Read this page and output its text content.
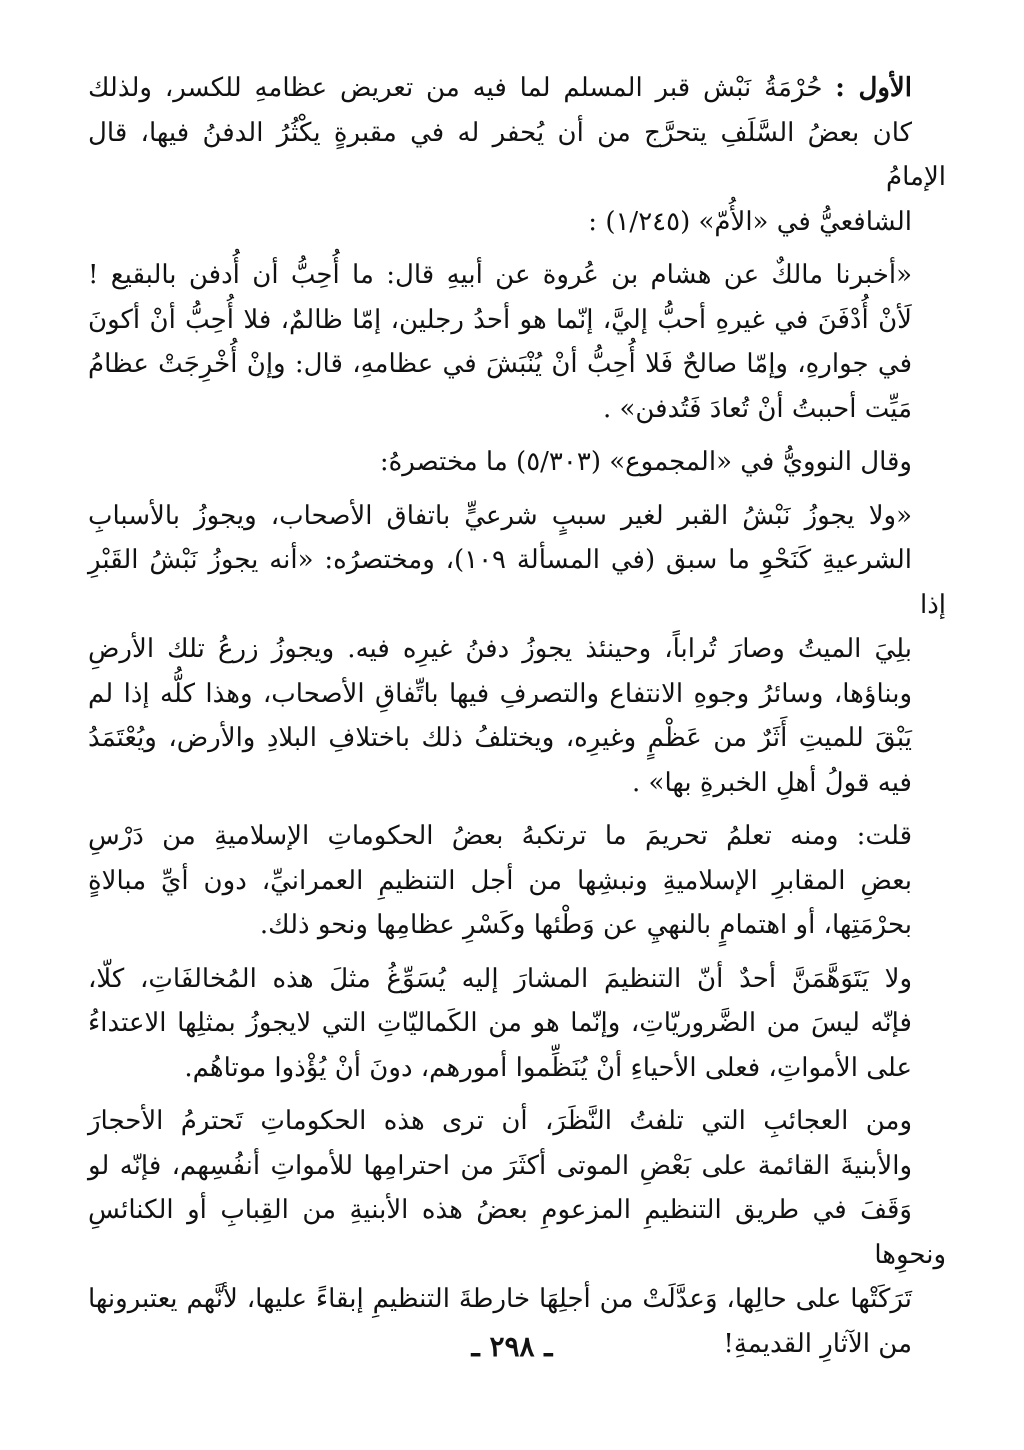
الأول : حُرْمَةُ نَبْش قبر المسلم لما فيه من تعريض عظامهِ للكسر، ولذلك
كان بعضُ السَّلَفِ يتحرَّج من أن يُحفر له في مقبرةٍ يكْثُرُ الدفنُ فيها، قال الإمامُ
الشافعيُّ في «الأُمّ» (١/٢٤٥) :
«أخبرنا مالكٌ عن هشام بن عُروة عن أبيهِ قال: ما أُحِبُّ أن أُدفن بالبقيع !
لَأنْ أُدْفَنَ في غيرهِ أحبُّ إليَّ، إنّما هو أحدُ رجلين، إمّا ظالمٌ، فلا أُحِبُّ أنْ أكونَ
في جوارهِ، وإمّا صالحٌ فَلا أُحِبُّ أنْ يُنْبَشَ في عظامهِ، قال: وإنْ أُخْرِجَتْ عظامُ
مَيِّت أحببتُ أنْ تُعادَ فَتُدفن» .
وقال النوويُّ في «المجموع» (٥/٣٠٣) ما مختصرهُ:
«ولا يجوزُ نَبْشُ القبر لغير سببٍ شرعيٍّ باتفاق الأصحاب، ويجوزُ بالأسبابِ
الشرعيةِ كَنَحْوِ ما سبق (في المسألة ١٠٩)، ومختصرُه: «أنه يجوزُ نَبْشُ القَبْرِ إذا
بلِيَ الميتُ وصارَ تُراباً، وحينئذ يجوزُ دفنُ غيرِه فيه. ويجوزُ زرعُ تلك الأرضِ
وبناؤها، وسائرُ وجوهِ الانتفاع والتصرفِ فيها باتِّفاقِ الأصحاب، وهذا كلُّه إذا لم
يَبْقَ للميتِ أَثَرٌ من عَظْمٍ وغيرِه، ويختلفُ ذلك باختلافِ البلادِ والأرض، ويُعْتَمَدُ
فيه قولُ أهلِ الخبرةِ بها» .
قلت: ومنه تعلمُ تحريمَ ما ترتكبهُ بعضُ الحكوماتِ الإسلاميةِ من دَرْسِ
بعضِ المقابرِ الإسلاميةِ ونبشِها من أجل التنظيمِ العمرانيِّ، دون أيِّ مبالاةٍ
بحرْمَتِها، أو اهتمامٍ بالنهيِ عن وَطْئها وكَسْرِ عظامِها ونحو ذلك.
ولا يَتَوَهَّمَنَّ أحدٌ أنّ التنظيمَ المشارَ إليه يُسَوِّغُ مثلَ هذه المُخالفَاتِ، كلّا،
فإنّه ليسَ من الضَّروريّاتِ، وإنّما هو من الكَماليّاتِ التي لايجوزُ بمثلِها الاعتداءُ
على الأمواتِ، فعلى الأحياءِ أنْ يُنَظِّموا أمورهم، دونَ أنْ يُؤْذوا موتاهُم.
ومن العجائبِ التي تلفتُ النَّظَرَ، أن ترى هذه الحكوماتِ تَحترمُ الأحجارَ
والأبنيةَ القائمة على بَعْضِ الموتى أكثَرَ من احترامِها للأمواتِ أنفُسِهم، فإنّه لو
وَقَفَ في طريق التنظيمِ المزعومِ بعضُ هذه الأبنيةِ من القِبابِ أو الكنائسِ ونحوِها
تَرَكَتْها على حالِها، وَعدَّلَتْ من أجلِهَا خارطةَ التنظيمِ إبقاءً عليها، لأنَّهم يعتبرونها
من الآثارِ القديمةِ!
ـ ٢٩٨ ـ
